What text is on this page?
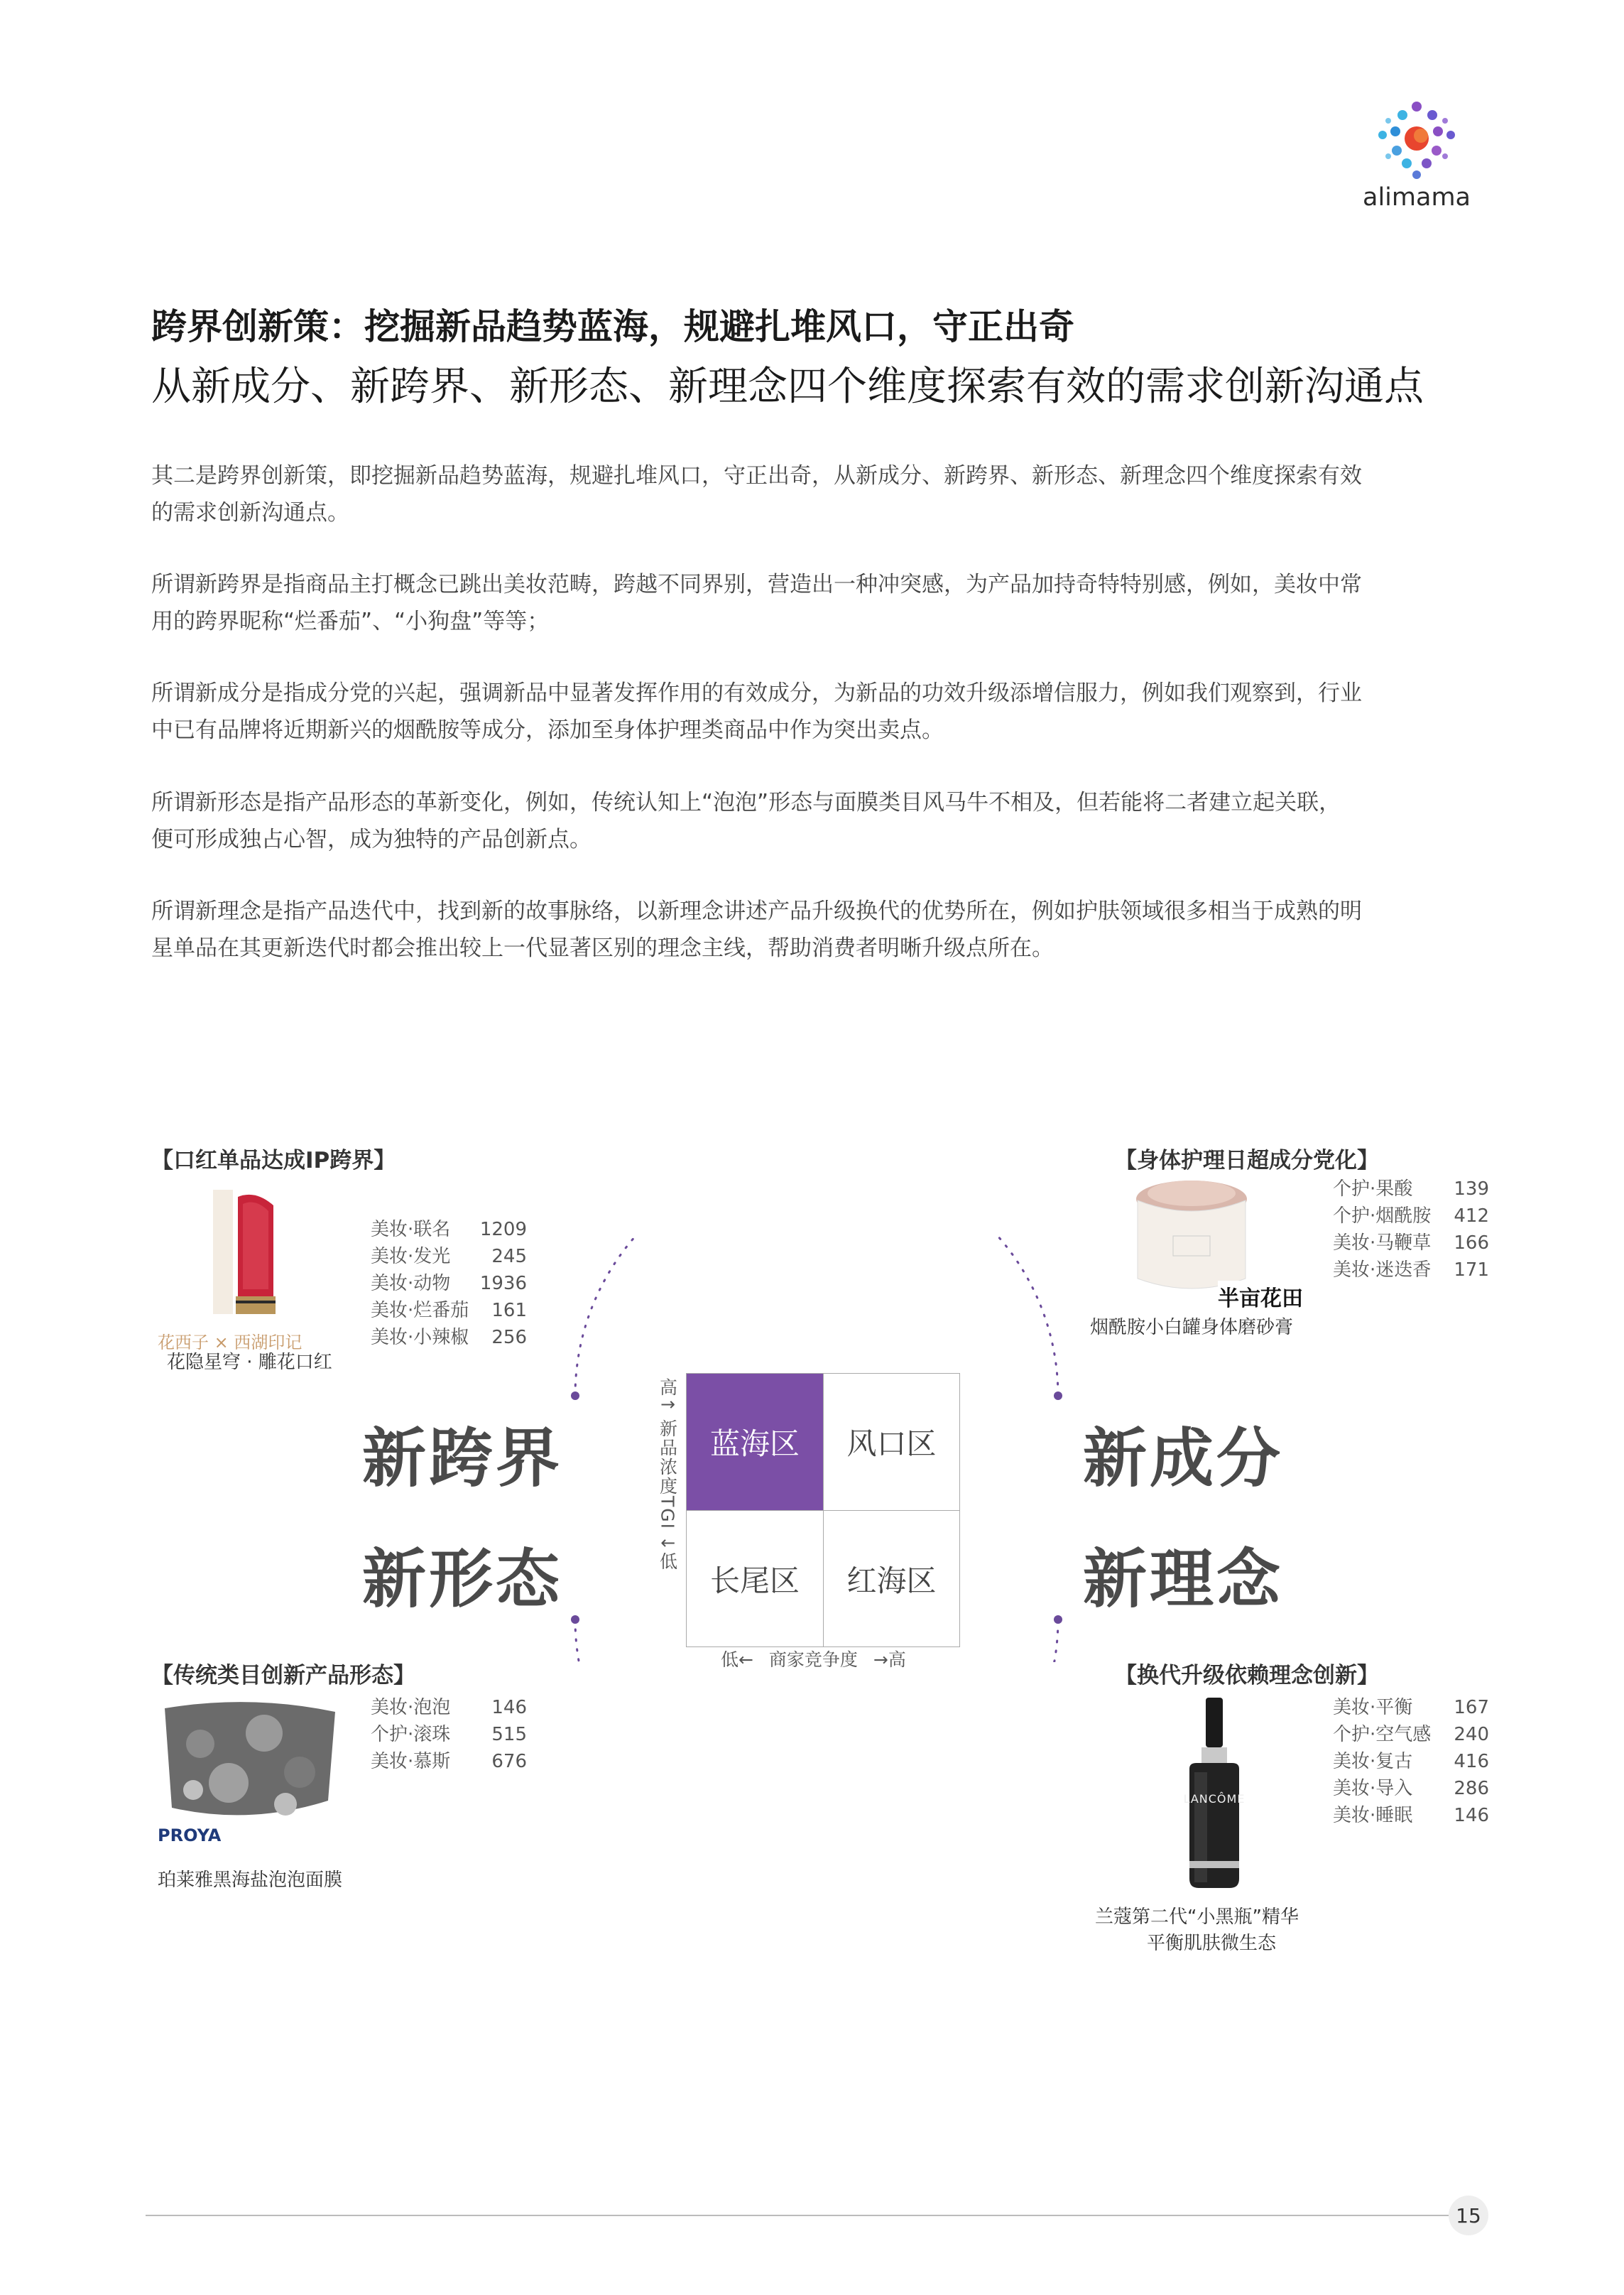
alimama
跨界创新策：挖掘新品趋势蓝海，规避扎堆风口，守正出奇
从新成分、新跨界、新形态、新理念四个维度探索有效的需求创新沟通点
其二是跨界创新策，即挖掘新品趋势蓝海，规避扎堆风口，守正出奇，从新成分、新跨界、新形态、新理念四个维度探索有效
的需求创新沟通点。
所谓新跨界是指商品主打概念已跳出美妆范畴，跨越不同界别，营造出一种冲突感，为产品加持奇特特别感，例如，美妆中常
用的跨界昵称“烂番茄”、“小狗盘”等等；
所谓新成分是指成分党的兴起，强调新品中显著发挥作用的有效成分，为新品的功效升级添增信服力，例如我们观察到，行业
中已有品牌将近期新兴的烟酰胺等成分，添加至身体护理类商品中作为突出卖点。
所谓新形态是指产品形态的革新变化，例如，传统认知上“泡泡”形态与面膜类目风马牛不相及，但若能将二者建立起关联，
便可形成独占心智，成为独特的产品创新点。
所谓新理念是指产品迭代中，找到新的故事脉络，以新理念讲述产品升级换代的优势所在，例如护肤领域很多相当于成熟的明
星单品在其更新迭代时都会推出较上一代显著区别的理念主线，帮助消费者明晰升级点所在。
蓝海区	风口区
长尾区	红海区
高↑
新品浓度TGI
↓低
低← 商家竞争度 →高
新跨界
新形态
新成分
新理念
【口红单品达成IP跨界】
花西子 × 西湖印记
花隐星穹 · 雕花口红
美妆·联名	1209
美妆·发光	245
美妆·动物	1936
美妆·烂番茄	161
美妆·小辣椒	256
【身体护理日超成分党化】
半亩花田
烟酰胺小白罐身体磨砂膏
个护·果酸	139
个护·烟酰胺	412
美妆·马鞭草	166
美妆·迷迭香	171
【传统类目创新产品形态】
PROYA
珀莱雅黑海盐泡泡面膜
美妆·泡泡	146
个护·滚珠	515
美妆·慕斯	676
【换代升级依赖理念创新】
LANCÔME
兰蔻第二代“小黑瓶”精华
平衡肌肤微生态
美妆·平衡	167
个护·空气感	240
美妆·复古	416
美妆·导入	286
美妆·睡眠	146
15
